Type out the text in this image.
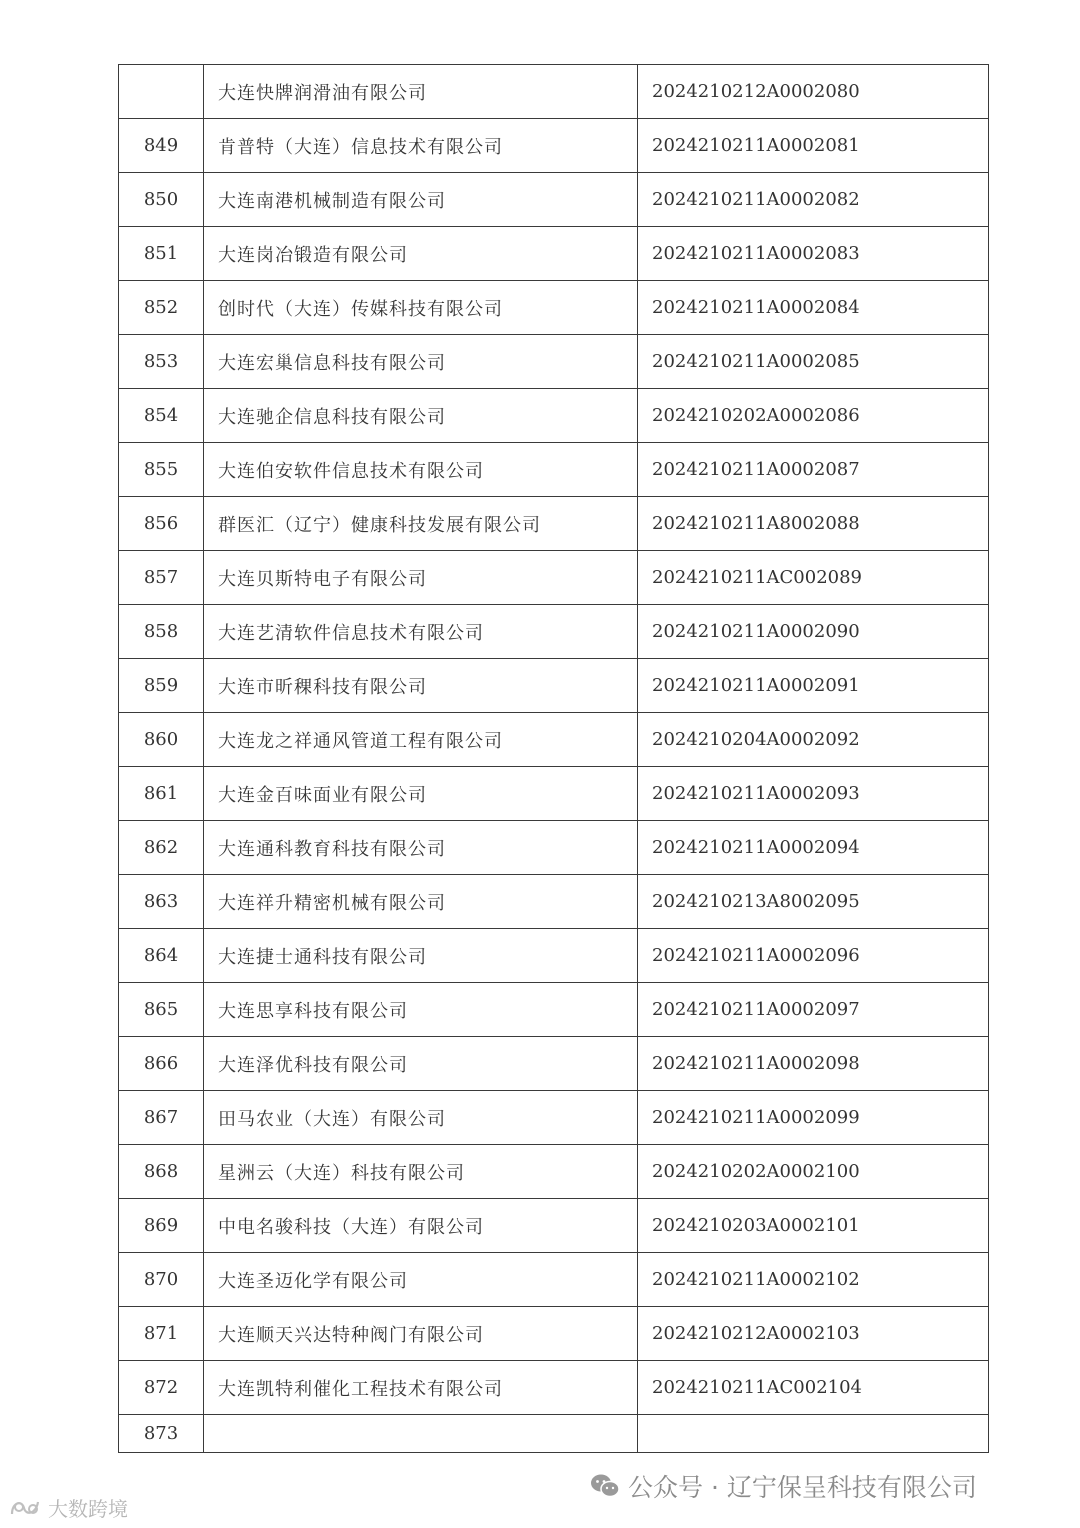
	大连快牌润滑油有限公司	2024210212A0002080
849	肯普特（大连）信息技术有限公司	2024210211A0002081
850	大连南港机械制造有限公司	2024210211A0002082
851	大连岗冶锻造有限公司	2024210211A0002083
852	创时代（大连）传媒科技有限公司	2024210211A0002084
853	大连宏巢信息科技有限公司	2024210211A0002085
854	大连驰企信息科技有限公司	2024210202A0002086
855	大连伯安软件信息技术有限公司	2024210211A0002087
856	群医汇（辽宁）健康科技发展有限公司	2024210211A8002088
857	大连贝斯特电子有限公司	2024210211AC002089
858	大连艺清软件信息技术有限公司	2024210211A0002090
859	大连市昕稞科技有限公司	2024210211A0002091
860	大连龙之祥通风管道工程有限公司	2024210204A0002092
861	大连金百味面业有限公司	2024210211A0002093
862	大连通科教育科技有限公司	2024210211A0002094
863	大连祥升精密机械有限公司	2024210213A8002095
864	大连捷士通科技有限公司	2024210211A0002096
865	大连思享科技有限公司	2024210211A0002097
866	大连泽优科技有限公司	2024210211A0002098
867	田马农业（大连）有限公司	2024210211A0002099
868	星洲云（大连）科技有限公司	2024210202A0002100
869	中电名骏科技（大连）有限公司	2024210203A0002101
870	大连圣迈化学有限公司	2024210211A0002102
871	大连顺天兴达特种阀门有限公司	2024210212A0002103
872	大连凯特利催化工程技术有限公司	2024210211AC002104
873		
公众号 · 辽宁保呈科技有限公司
大数跨境
